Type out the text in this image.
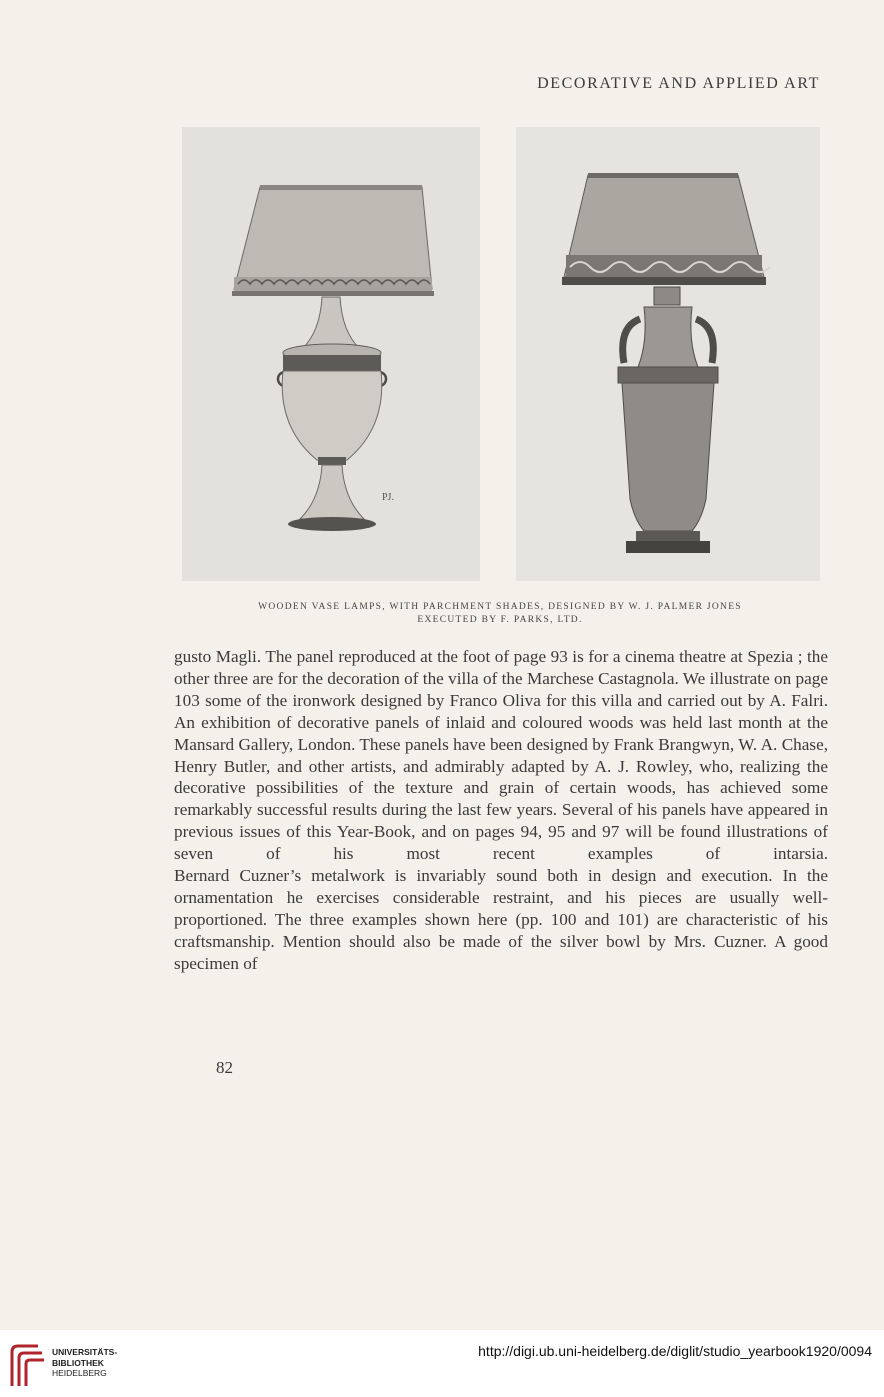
DECORATIVE AND APPLIED ART
PJ.
WOODEN VASE LAMPS, WITH PARCHMENT SHADES, DESIGNED BY W. J. PALMER JONES
EXECUTED BY F. PARKS, LTD.

gusto Magli. The panel reproduced at the foot of page 93 is for a cinema theatre at Spezia ; the other three are for the decoration of the villa of the Marchese Castagnola. We illustrate on page 103 some of the ironwork designed by Franco Oliva for this villa and carried out by A. Falri.

An exhibition of decorative panels of inlaid and coloured woods was held last month at the Mansard Gallery, London. These panels have been designed by Frank Brangwyn, W. A. Chase, Henry Butler, and other artists, and admirably adapted by A. J. Rowley, who, realizing the decorative possibilities of the texture and grain of certain woods, has achieved some remarkably successful results during the last few years. Several of his panels have appeared in previous issues of this Year-Book, and on pages 94, 95 and 97 will be found illustrations of seven of his most recent examples of intarsia.

Bernard Cuzner’s metalwork is invariably sound both in design and execution. In the ornamentation he exercises considerable restraint, and his pieces are usually well-proportioned. The three examples shown here (pp. 100 and 101) are characteristic of his craftsmanship. Mention should also be made of the silver bowl by Mrs. Cuzner. A good specimen of

82
UNIVERSITÄTS-
BIBLIOTHEK
HEIDELBERG
http://digi.ub.uni-heidelberg.de/diglit/studio_yearbook1920/0094
